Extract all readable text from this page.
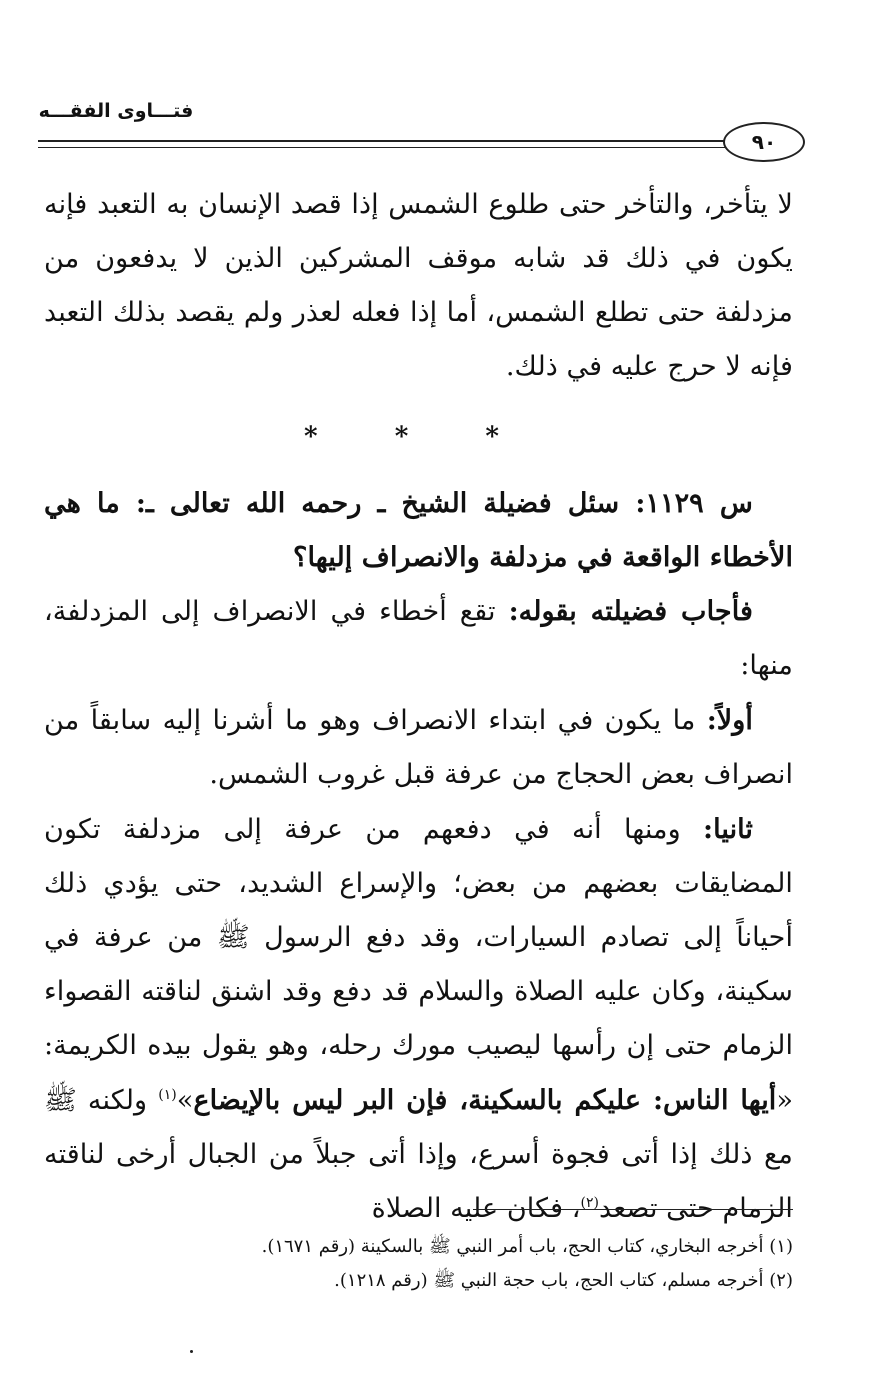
فتـــاوى الفقـــه
٩٠

لا يتأخر، والتأخر حتى طلوع الشمس إذا قصد الإنسان به التعبد فإنه يكون في ذلك قد شابه موقف المشركين الذين لا يدفعون من مزدلفة حتى تطلع الشمس، أما إذا فعله لعذر ولم يقصد بذلك التعبد فإنه لا حرج عليه في ذلك.

* * *

س ١١٢٩: سئل فضيلة الشيخ ـ رحمه الله تعالى ـ: ما هي الأخطاء الواقعة في مزدلفة والانصراف إليها؟

فأجاب فضيلته بقوله: تقع أخطاء في الانصراف إلى المزدلفة، منها:

أولاً: ما يكون في ابتداء الانصراف وهو ما أشرنا إليه سابقاً من انصراف بعض الحجاج من عرفة قبل غروب الشمس.

ثانيا: ومنها أنه في دفعهم من عرفة إلى مزدلفة تكون المضايقات بعضهم من بعض؛ والإسراع الشديد، حتى يؤدي ذلك أحياناً إلى تصادم السيارات، وقد دفع الرسول ﷺ من عرفة في سكينة، وكان عليه الصلاة والسلام قد دفع وقد اشنق لناقته القصواء الزمام حتى إن رأسها ليصيب مورك رحله، وهو يقول بيده الكريمة: «أيها الناس: عليكم بالسكينة، فإن البر ليس بالإيضاع»$^{(١)}$ ولكنه ﷺ مع ذلك إذا أتى فجوة أسرع، وإذا أتى جبلاً من الجبال أرخى لناقته الزمام حتى تصعد$^{(٢)}$، فكان عليه الصلاة

(١) أخرجه البخاري، كتاب الحج، باب أمر النبي ﷺ بالسكينة (رقم ١٦٧١).
(٢) أخرجه مسلم، كتاب الحج، باب حجة النبي ﷺ (رقم ١٢١٨).
